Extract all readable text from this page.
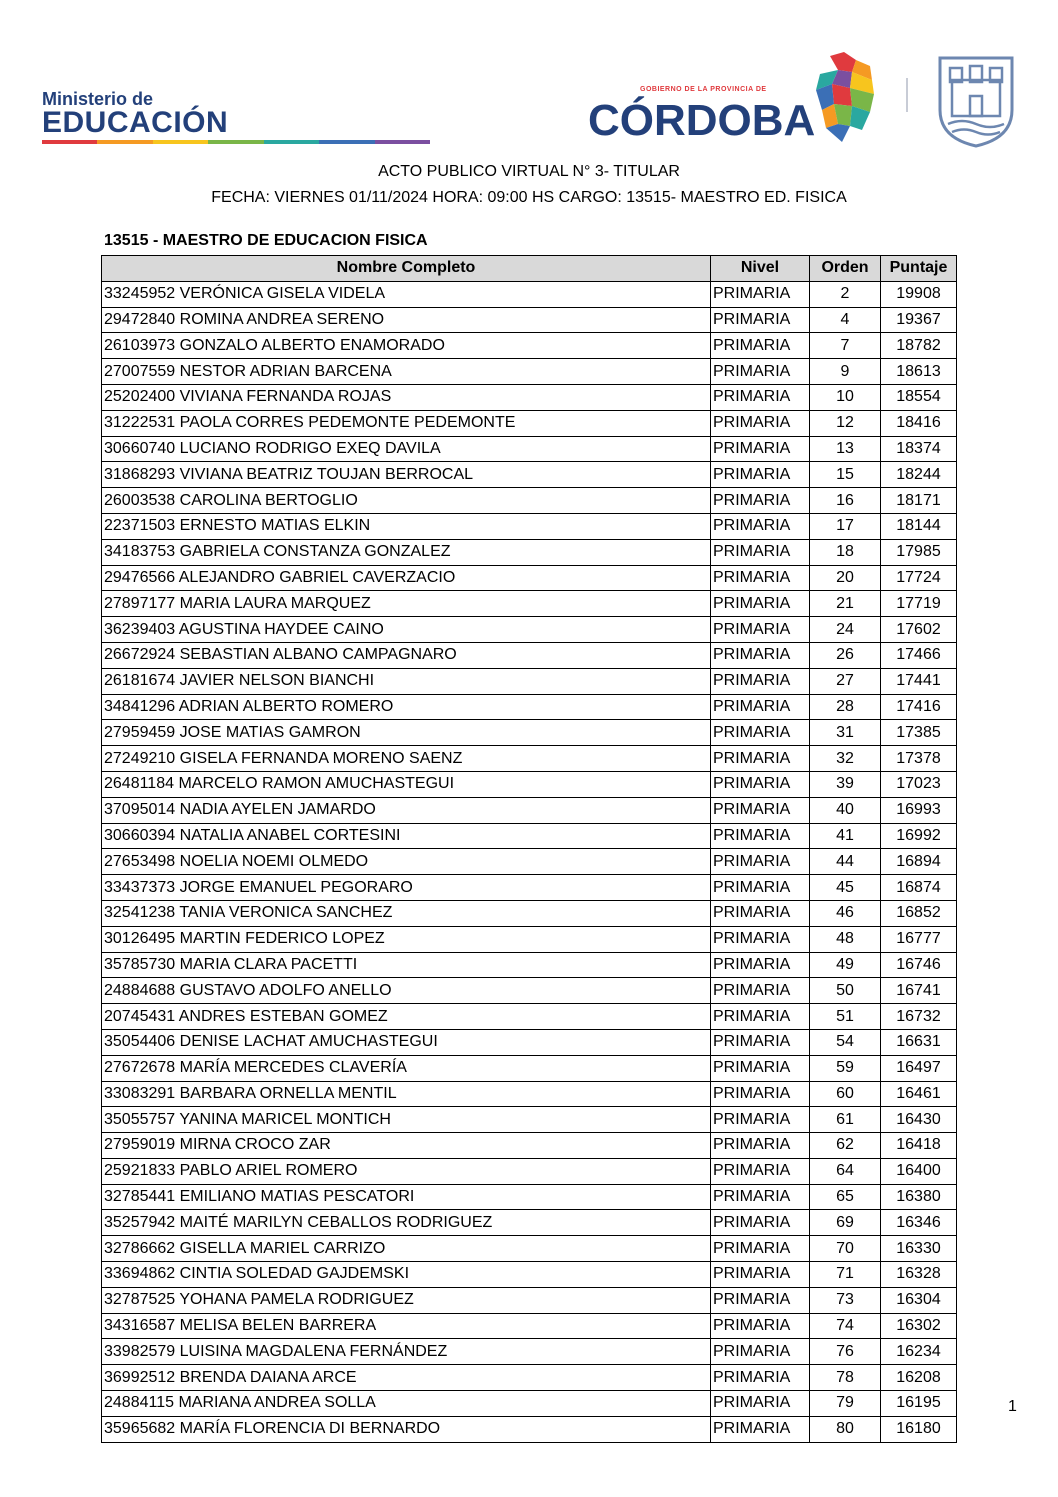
Ministerio de
EDUCACIÓN
GOBIERNO DE LA PROVINCIA DE
CÓRDOBA
ACTO PUBLICO VIRTUAL N° 3- TITULAR
FECHA: VIERNES 01/11/2024 HORA: 09:00 HS CARGO: 13515- MAESTRO ED. FISICA
13515 - MAESTRO DE EDUCACION FISICA
Nombre Completo	Nivel	Orden	Puntaje
33245952 VERÓNICA GISELA VIDELA	PRIMARIA	2	19908
29472840 ROMINA ANDREA SERENO	PRIMARIA	4	19367
26103973 GONZALO ALBERTO ENAMORADO	PRIMARIA	7	18782
27007559 NESTOR ADRIAN BARCENA	PRIMARIA	9	18613
25202400 VIVIANA FERNANDA ROJAS	PRIMARIA	10	18554
31222531 PAOLA CORRES PEDEMONTE PEDEMONTE	PRIMARIA	12	18416
30660740 LUCIANO RODRIGO EXEQ DAVILA	PRIMARIA	13	18374
31868293 VIVIANA BEATRIZ TOUJAN BERROCAL	PRIMARIA	15	18244
26003538 CAROLINA BERTOGLIO	PRIMARIA	16	18171
22371503 ERNESTO MATIAS ELKIN	PRIMARIA	17	18144
34183753 GABRIELA CONSTANZA GONZALEZ	PRIMARIA	18	17985
29476566 ALEJANDRO GABRIEL CAVERZACIO	PRIMARIA	20	17724
27897177 MARIA LAURA MARQUEZ	PRIMARIA	21	17719
36239403 AGUSTINA HAYDEE CAINO	PRIMARIA	24	17602
26672924 SEBASTIAN ALBANO CAMPAGNARO	PRIMARIA	26	17466
26181674 JAVIER NELSON BIANCHI	PRIMARIA	27	17441
34841296 ADRIAN ALBERTO ROMERO	PRIMARIA	28	17416
27959459 JOSE MATIAS GAMRON	PRIMARIA	31	17385
27249210 GISELA FERNANDA MORENO SAENZ	PRIMARIA	32	17378
26481184 MARCELO RAMON AMUCHASTEGUI	PRIMARIA	39	17023
37095014 NADIA AYELEN JAMARDO	PRIMARIA	40	16993
30660394 NATALIA ANABEL CORTESINI	PRIMARIA	41	16992
27653498 NOELIA NOEMI OLMEDO	PRIMARIA	44	16894
33437373 JORGE EMANUEL PEGORARO	PRIMARIA	45	16874
32541238 TANIA VERONICA SANCHEZ	PRIMARIA	46	16852
30126495 MARTIN FEDERICO LOPEZ	PRIMARIA	48	16777
35785730 MARIA CLARA PACETTI	PRIMARIA	49	16746
24884688 GUSTAVO ADOLFO ANELLO	PRIMARIA	50	16741
20745431 ANDRES ESTEBAN GOMEZ	PRIMARIA	51	16732
35054406 DENISE LACHAT AMUCHASTEGUI	PRIMARIA	54	16631
27672678 MARÍA MERCEDES CLAVERÍA	PRIMARIA	59	16497
33083291 BARBARA ORNELLA MENTIL	PRIMARIA	60	16461
35055757 YANINA MARICEL MONTICH	PRIMARIA	61	16430
27959019 MIRNA CROCO ZAR	PRIMARIA	62	16418
25921833 PABLO ARIEL ROMERO	PRIMARIA	64	16400
32785441 EMILIANO MATIAS PESCATORI	PRIMARIA	65	16380
35257942 MAITÉ MARILYN CEBALLOS RODRIGUEZ	PRIMARIA	69	16346
32786662 GISELLA MARIEL CARRIZO	PRIMARIA	70	16330
33694862 CINTIA SOLEDAD GAJDEMSKI	PRIMARIA	71	16328
32787525 YOHANA PAMELA RODRIGUEZ	PRIMARIA	73	16304
34316587 MELISA BELEN BARRERA	PRIMARIA	74	16302
33982579 LUISINA MAGDALENA FERNÁNDEZ	PRIMARIA	76	16234
36992512 BRENDA DAIANA ARCE	PRIMARIA	78	16208
24884115 MARIANA ANDREA SOLLA	PRIMARIA	79	16195
35965682 MARÍA FLORENCIA DI BERNARDO	PRIMARIA	80	16180
1
